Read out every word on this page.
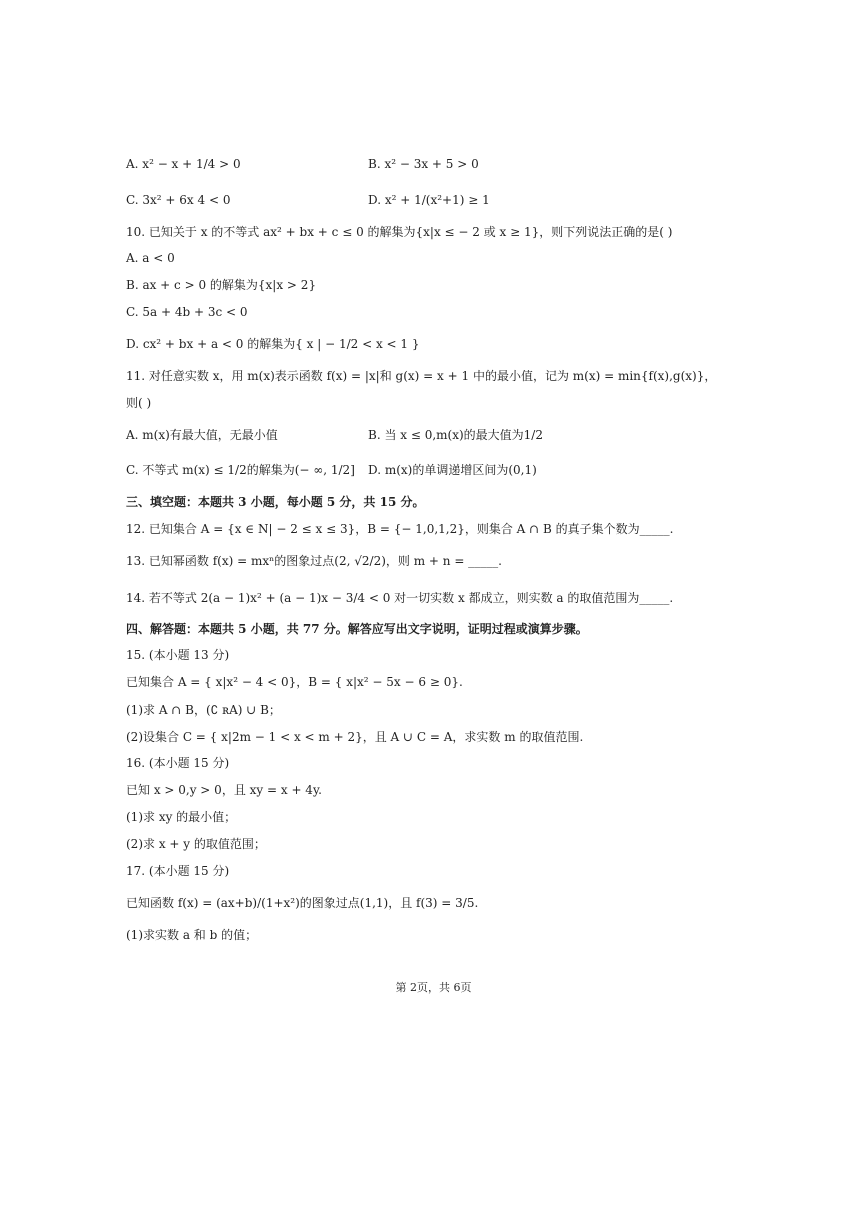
A. x² − x + 1/4 > 0	B. x² − 3x + 5 > 0
C. 3x² + 6x 4 < 0	D. x² + 1/(x²+1) ≥ 1
10. 已知关于 x 的不等式 ax² + bx + c ≤ 0 的解集为{x|x ≤ − 2 或 x ≥ 1}，则下列说法正确的是( )
A. a < 0
B. ax + c > 0 的解集为{x|x > 2}
C. 5a + 4b + 3c < 0
D. cx² + bx + a < 0 的解集为{ x | − 1/2 < x < 1 }
11. 对任意实数 x，用 m(x)表示函数 f(x) = |x|和 g(x) = x + 1 中的最小值，记为 m(x) = min{f(x),g(x)}，
则( )
A. m(x)有最大值，无最小值	B. 当 x ≤ 0,m(x)的最大值为1/2
C. 不等式 m(x) ≤ 1/2的解集为(− ∞, 1/2] D. m(x)的单调递增区间为(0,1)
三、填空题：本题共 3 小题，每小题 5 分，共 15 分。
12. 已知集合 A = {x ∈ N| − 2 ≤ x ≤ 3}，B = {− 1,0,1,2}，则集合 A ∩ B 的真子集个数为_____.
13. 已知幂函数 f(x) = mxⁿ的图象过点(2, √2/2)，则 m + n = _____.
14. 若不等式 2(a − 1)x² + (a − 1)x − 3/4 < 0 对一切实数 x 都成立，则实数 a 的取值范围为_____.
四、解答题：本题共 5 小题，共 77 分。解答应写出文字说明，证明过程或演算步骤。
15. (本小题 13 分)
已知集合 A = { x|x² − 4 < 0}，B = { x|x² − 5x − 6 ≥ 0}.
(1)求 A ∩ B，(∁ ʀA) ∪ B；
(2)设集合 C = { x|2m − 1 < x < m + 2}，且 A ∪ C = A，求实数 m 的取值范围.
16. (本小题 15 分)
已知 x > 0,y > 0，且 xy = x + 4y.
(1)求 xy 的最小值；
(2)求 x + y 的取值范围；
17. (本小题 15 分)
已知函数 f(x) = (ax+b)/(1+x²)的图象过点(1,1)，且 f(3) = 3/5.
(1)求实数 a 和 b 的值；
第 2页，共 6页
